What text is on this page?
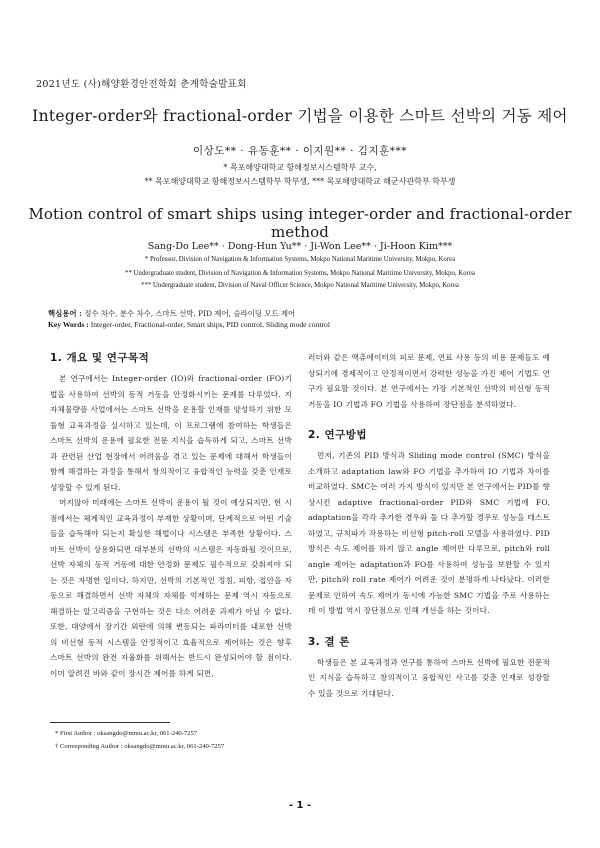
2021년도 (사)해양환경안전학회 춘계학술발표회
Integer-order와 fractional-order 기법을 이용한 스마트 선박의 거동 제어
이상도** · 유동훈** · 이지원** · 김지훈***
* 목포해양대학교 항해정보시스템학부 교수,
** 목포해양대학교 항해정보시스템학부 학부생, *** 목포해양대학교 해군사관학부 학부생
Motion control of smart ships using integer-order and fractional-order method
Sang-Do Lee** · Dong-Hun Yu** · Ji-Won Lee** · Ji-Hoon Kim***
* Professor, Division of Navigation & Information Systems, Mokpo National Maritime University, Mokpo, Korea
** Undergraduate student, Division of Navigation & Information Systems, Mokpo National Maritime University, Mokpo, Korea
*** Undergraduate student, Division of Naval Officer Science, Mokpo National Maritime University, Mokpo, Korea
핵심용어 : 정수 차수, 분수 차수, 스마트 선박, PID 제어, 슬라이딩 모드 제어
Key Words : Integer-order, Fractional-order, Smart ships, PID control, Sliding mode control
1. 개요 및 연구목적

본 연구에서는 Integer-order (IO)와 fractional-order (FO)기법을 사용하여 선박의 동적 거동을 안정화시키는 문제를 다루었다. 지자체물량플 사업에서는 스마트 선박을 운용할 인재를 양성하기 위한 모듈형 교육과정을 실시하고 있는데, 이 프로그램에 참여하는 학생들은 스마트 선박의 운용에 필요한 전문 지식을 습득하게 되고, 스마트 선박과 관련된 산업 현장에서 어려움을 겪고 있는 문제에 대해서 학생들이 함께 해결하는 과정을 통해서 창의적이고 융합적인 능력을 갖춘 인재로 성장할 수 있게 된다.

머지않아 미래에는 스마트 선박이 운용이 될 것이 예상되지만, 현 시점에서는 체계적인 교육과정이 부재한 상황이며, 단계적으로 어떤 기술들을 습득해야 되는지 확실한 해법이나 시스템은 부족한 상황이다. 스마트 선박이 상용화되면 대부분의 선박의 시스템은 자동화될 것이므로, 선박 자체의 동적 거동에 대한 안정화 문제도 필수적으로 갖춰져야 되는 것은 자명한 일이다. 하지만, 선박의 기본적인 정침, 피항, 접안을 자동으로 해결하면서 선박 자체의 자체를 억제하는 문제 역시 자동으로 해결하는 알고리즘을 구현하는 것은 다소 어려운 과제가 아닐 수 없다. 또한, 대양에서 장기간 외란에 의해 변동되는 파라미터를 내포한 선박의 비선형 동적 시스템을 안정적이고 효율적으로 제어하는 것은 향후 스마트 선박의 완전 자율화를 위해서는 반드시 완성되어야 할 점이다. 이미 알려진 바와 같이 장시간 제어를 하게 되면,

러더와 같은 액츄에이터의 피로 문제, 연료 사용 등의 비용 문제들도 예상되기에 경제적이고 안정적이면서 강력한 성능을 가진 제어 기법도 연구가 필요할 것이다. 본 연구에서는 가장 기본적인 선박의 비선형 동적 거동을 IO 기법과 FO 기법을 사용하여 장단점을 분석하였다.

2. 연구방법

먼저, 기존의 PID 방식과 Sliding mode control (SMC) 방식을 소개하고 adaptation law와 FO 기법을 추가하여 IO 기법과 차이를 비교하였다. SMC는 여러 가지 방식이 있지만 본 연구에서는 PID를 향상시킨 adaptive fractional-order PID와 SMC 기법에 FO, adaptation을 각각 추가한 경우와 둘 다 추가할 경우로 성능을 테스트하였고, 규칙파가 작용하는 비선형 pitch-roll 모델을 사용하였다. PID 방식은 속도 제어를 하지 않고 angle 제어만 다루므로, pitch와 roll angle 제어는 adaptation과 FO를 사용하여 성능을 보완할 수 있지만, pitch와 roll rate 제어가 어려운 것이 분명하게 나타났다. 이러한 문제로 인하여 속도 제어가 동시에 가능한 SMC 기법을 주로 사용하는데 이 방법 역시 장단점으로 인해 개선을 하는 것이다.

3. 결 론

학생들은 본 교육과정과 연구를 통하여 스마트 선박에 필요한 전문적인 지식을 습득하고 창의적이고 융합적인 사고를 갖춘 인재로 성장할 수 있을 것으로 기대된다.

* First Author : oksangdo@mmu.ac.kr, 061-240-7257
† Corresponding Author : oksangdo@mmu.ac.kr, 061-240-7257
- 1 -
